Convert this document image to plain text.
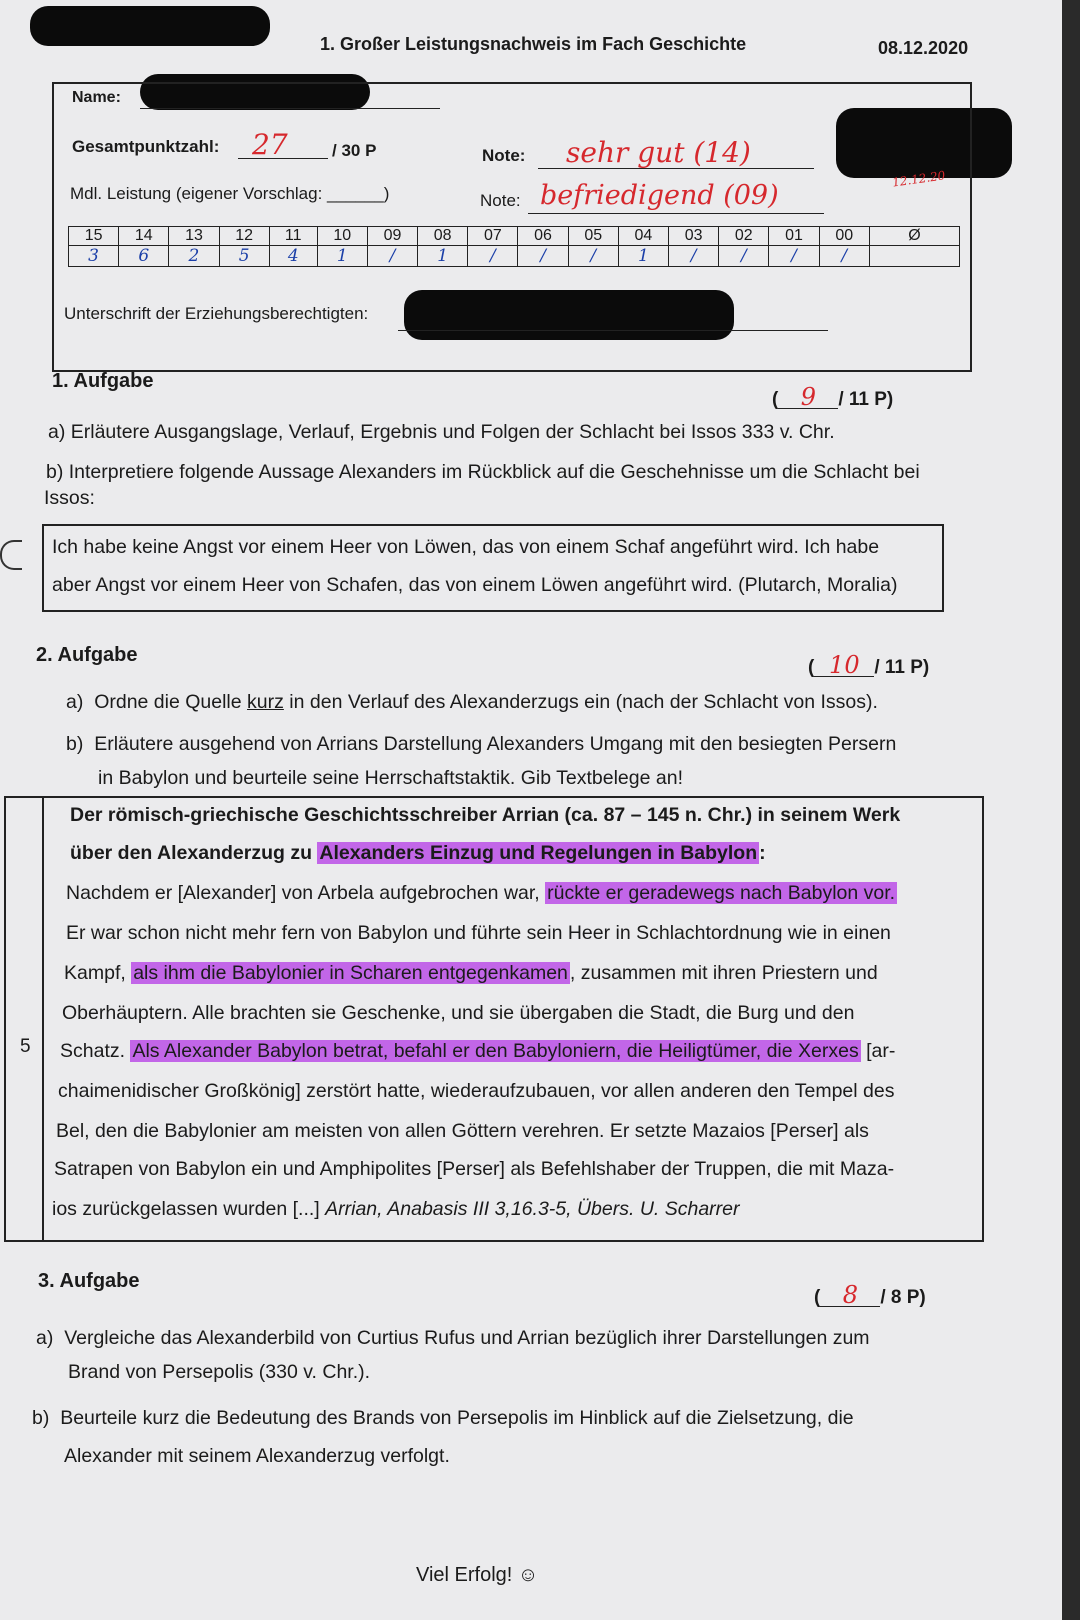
1. Großer Leistungsnachweis im Fach Geschichte	08.12.2020
Name:
Gesamtpunktzahl: 27	/ 30 P	Note: sehr gut (14)
Mdl. Leistung (eigener Vorschlag: ______)	Note: befriedigend (09)
12.12.20
15	14	13	12	11	10	09	08	07	06	05	04	03	02	01	00	Ø
3	6	2	5	4	1	/	1	/	/	/	1	/	/	/	/	
Unterschrift der Erziehungsberechtigten:
1. Aufgabe
( 9 / 11 P)
a) Erläutere Ausgangslage, Verlauf, Ergebnis und Folgen der Schlacht bei Issos 333 v. Chr.
b) Interpretiere folgende Aussage Alexanders im Rückblick auf die Geschehnisse um die Schlacht bei
Issos:
Ich habe keine Angst vor einem Heer von Löwen, das von einem Schaf angeführt wird. Ich habe
aber Angst vor einem Heer von Schafen, das von einem Löwen angeführt wird. (Plutarch, Moralia)
2. Aufgabe
( 10 / 11 P)
a) Ordne die Quelle kurz in den Verlauf des Alexanderzugs ein (nach der Schlacht von Issos).
b) Erläutere ausgehend von Arrians Darstellung Alexanders Umgang mit den besiegten Persern
in Babylon und beurteile seine Herrschaftstaktik. Gib Textbelege an!
5
Der römisch-griechische Geschichtsschreiber Arrian (ca. 87 – 145 n. Chr.) in seinem Werk
über den Alexanderzug zu Alexanders Einzug und Regelungen in Babylon :
Nachdem er [Alexander] von Arbela aufgebrochen war, rückte er geradewegs nach Babylon vor.
Er war schon nicht mehr fern von Babylon und führte sein Heer in Schlachtordnung wie in einen
Kampf, als ihm die Babylonier in Scharen entgegenkamen , zusammen mit ihren Priestern und
Oberhäuptern. Alle brachten sie Geschenke, und sie übergaben die Stadt, die Burg und den
Schatz. Als Alexander Babylon betrat, befahl er den Babyloniern, die Heiligtümer, die Xerxes [ar-
chaimenidischer Großkönig] zerstört hatte, wiederaufzubauen, vor allen anderen den Tempel des
Bel, den die Babylonier am meisten von allen Göttern verehren. Er setzte Mazaios [Perser] als
Satrapen von Babylon ein und Amphipolites [Perser] als Befehlshaber der Truppen, die mit Maza-
ios zurückgelassen wurden [...] Arrian, Anabasis III 3,16.3-5, Übers. U. Scharrer
3. Aufgabe
( 8 / 8 P)
a) Vergleiche das Alexanderbild von Curtius Rufus und Arrian bezüglich ihrer Darstellungen zum
Brand von Persepolis (330 v. Chr.).
b) Beurteile kurz die Bedeutung des Brands von Persepolis im Hinblick auf die Zielsetzung, die
Alexander mit seinem Alexanderzug verfolgt.
Viel Erfolg! ☺
